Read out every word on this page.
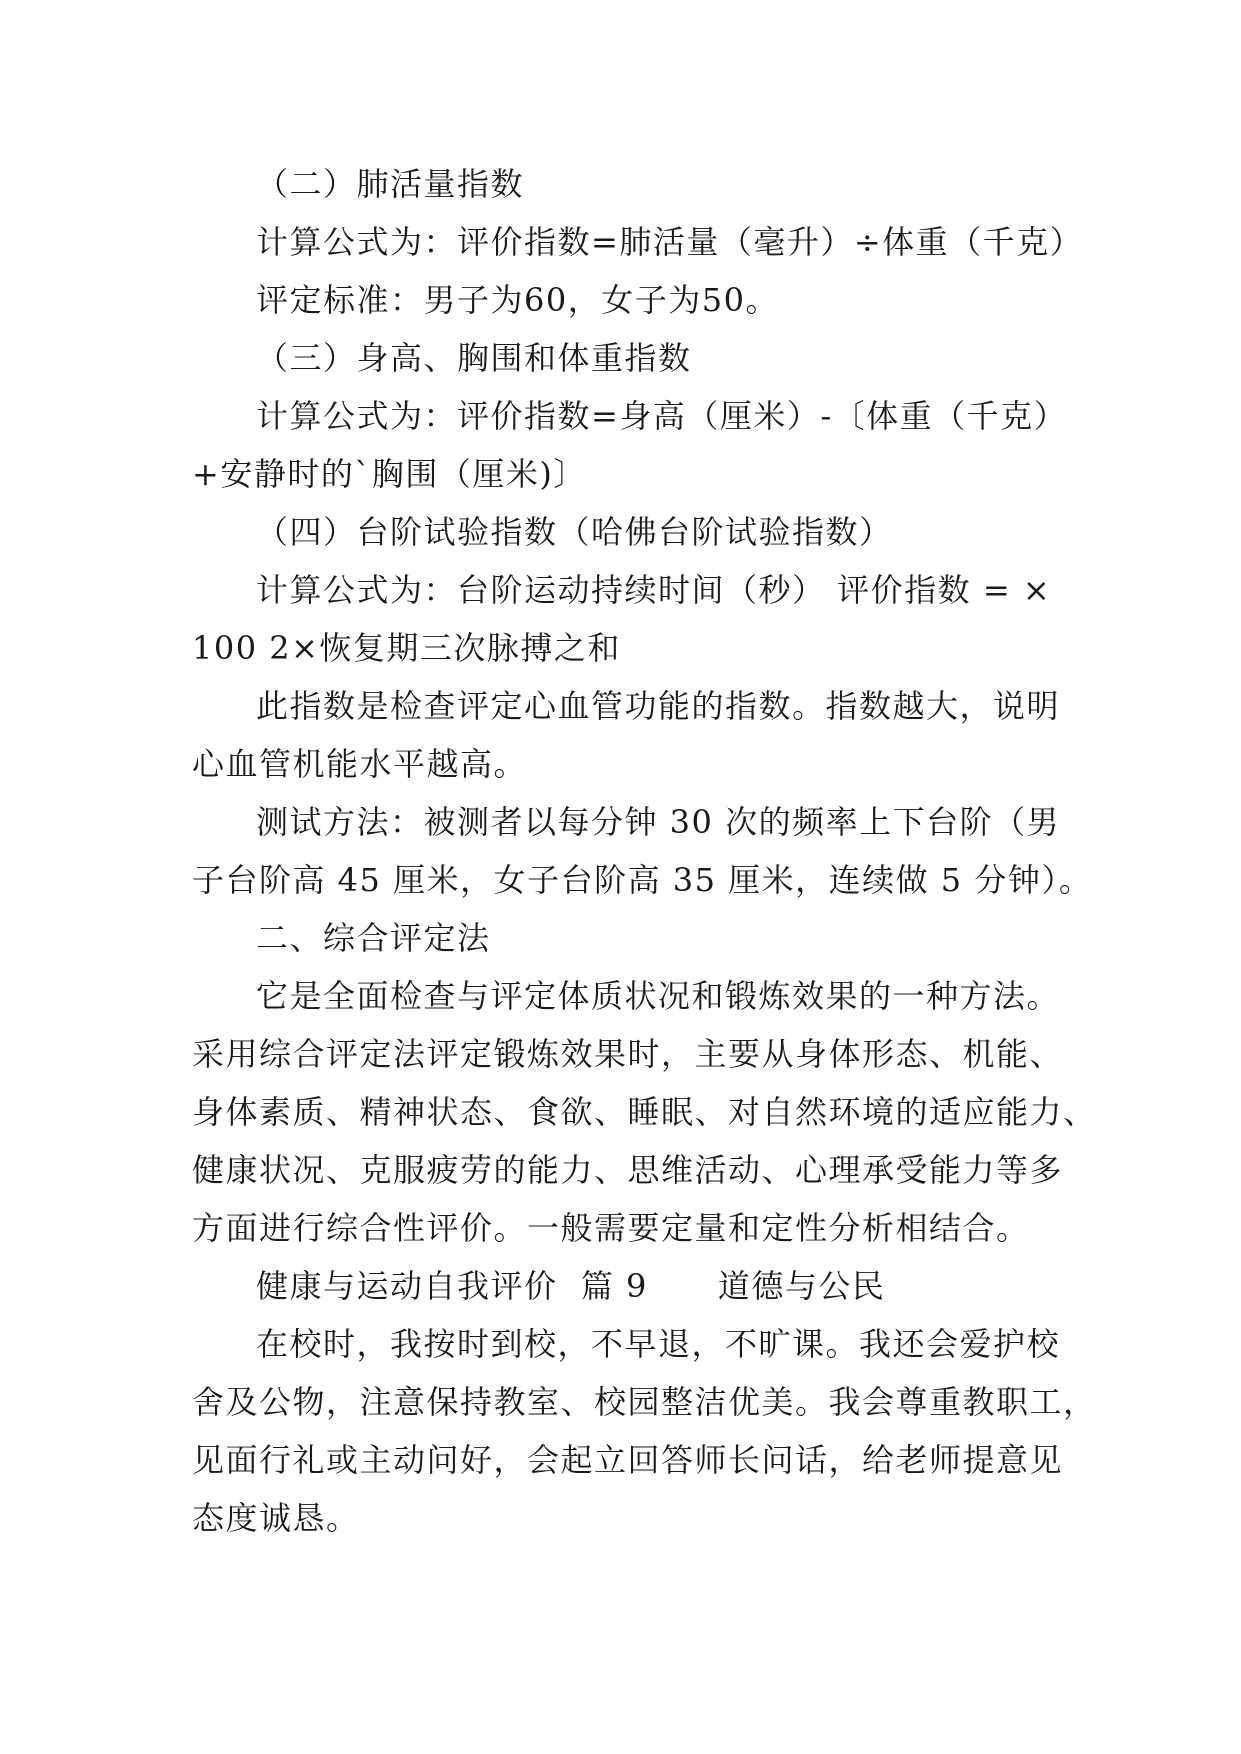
（二）肺活量指数
计算公式为：评价指数=肺活量（毫升）÷体重（千克）
评定标准：男子为60，女子为50。
（三）身高、胸围和体重指数
计算公式为：评价指数=身高（厘米）-〔体重（千克）
+安静时的`胸围（厘米)〕
（四）台阶试验指数（哈佛台阶试验指数）
计算公式为：台阶运动持续时间（秒） 评价指数 = ×
100 2×恢复期三次脉搏之和
此指数是检查评定心血管功能的指数。指数越大，说明
心血管机能水平越高。
测试方法：被测者以每分钟 30 次的频率上下台阶（男
子台阶高 45 厘米，女子台阶高 35 厘米，连续做 5 分钟）。
二、综合评定法
它是全面检查与评定体质状况和锻炼效果的一种方法。
采用综合评定法评定锻炼效果时，主要从身体形态、机能、
身体素质、精神状态、食欲、睡眠、对自然环境的适应能力、
健康状况、克服疲劳的能力、思维活动、心理承受能力等多
方面进行综合性评价。一般需要定量和定性分析相结合。
健康与运动自我评价  篇 9      道德与公民
在校时，我按时到校，不早退，不旷课。我还会爱护校
舍及公物，注意保持教室、校园整洁优美。我会尊重教职工，
见面行礼或主动问好，会起立回答师长问话，给老师提意见
态度诚恳。
